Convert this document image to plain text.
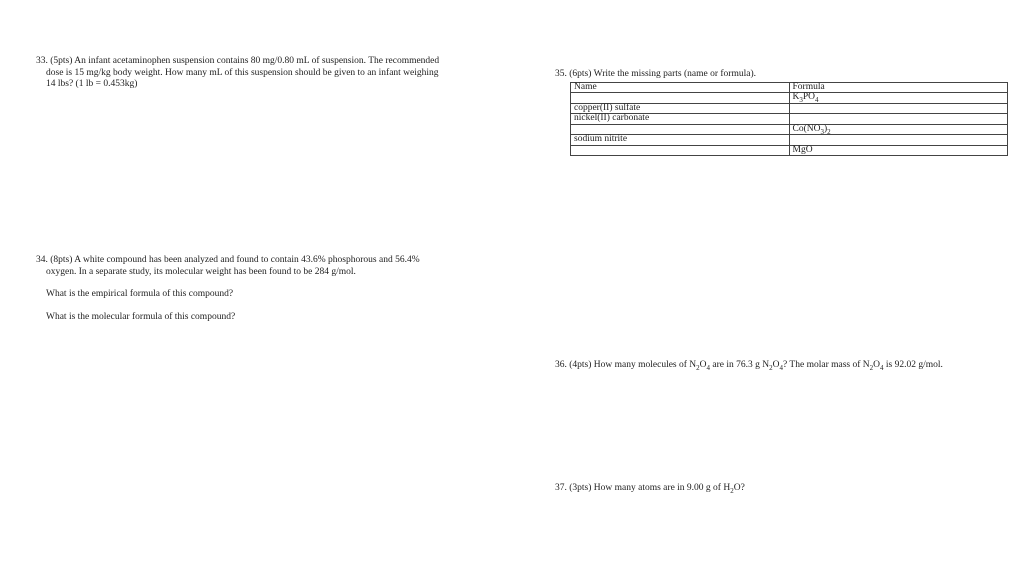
33. (5pts) An infant acetaminophen suspension contains 80 mg/0.80 mL of suspension. The recommended

dose is 15 mg/kg body weight. How many mL of this suspension should be given to an infant weighing

14 lbs? (1 lb = 0.453kg)

34. (8pts) A white compound has been analyzed and found to contain 43.6% phosphorous and 56.4%

oxygen. In a separate study, its molecular weight has been found to be 284 g/mol.

What is the empirical formula of this compound?

What is the molecular formula of this compound?

35. (6pts) Write the missing parts (name or formula).

Name	Formula
	$K_3PO_4$
copper(II) sulfate	
nickel(II) carbonate	
	$Co(NO_3)_2$
sodium nitrite	
	MgO
36. (4pts) How many molecules of $N_2O_4$ are in 76.3 g $N_2O_4$? The molar mass of $N_2O_4$ is 92.02 g/mol.
37. (3pts) How many atoms are in 9.00 g of $H_2O$?
